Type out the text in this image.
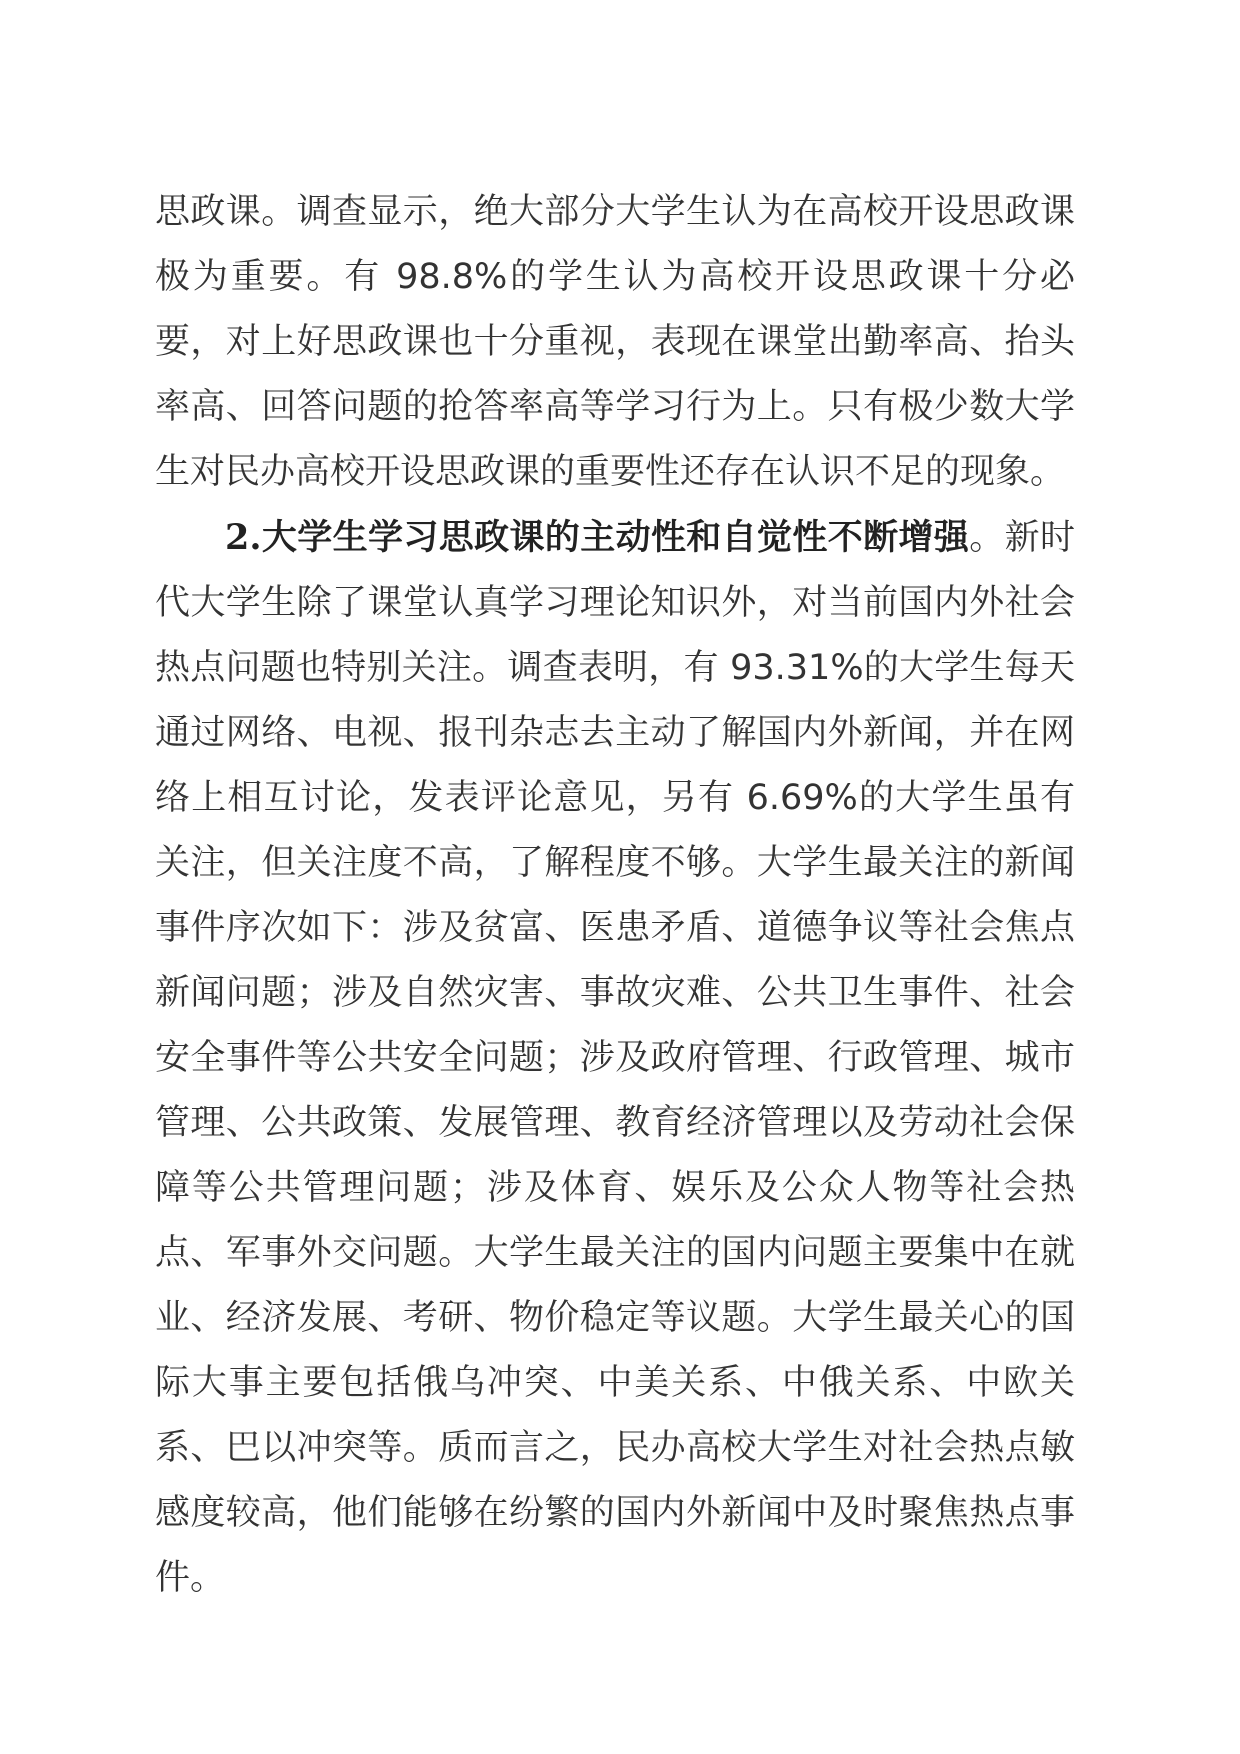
思政课。调查显示，绝大部分大学生认为在高校开设思政课极为重要。有 98.8%的学生认为高校开设思政课十分必要，对上好思政课也十分重视，表现在课堂出勤率高、抬头率高、回答问题的抢答率高等学习行为上。只有极少数大学生对民办高校开设思政课的重要性还存在认识不足的现象。

2.大学生学习思政课的主动性和自觉性不断增强。新时代大学生除了课堂认真学习理论知识外，对当前国内外社会热点问题也特别关注。调查表明，有 93.31%的大学生每天通过网络、电视、报刊杂志去主动了解国内外新闻，并在网络上相互讨论，发表评论意见，另有 6.69%的大学生虽有关注，但关注度不高，了解程度不够。大学生最关注的新闻事件序次如下：涉及贫富、医患矛盾、道德争议等社会焦点新闻问题；涉及自然灾害、事故灾难、公共卫生事件、社会安全事件等公共安全问题；涉及政府管理、行政管理、城市管理、公共政策、发展管理、教育经济管理以及劳动社会保障等公共管理问题；涉及体育、娱乐及公众人物等社会热点、军事外交问题。大学生最关注的国内问题主要集中在就业、经济发展、考研、物价稳定等议题。大学生最关心的国际大事主要包括俄乌冲突、中美关系、中俄关系、中欧关系、巴以冲突等。质而言之，民办高校大学生对社会热点敏感度较高，他们能够在纷繁的国内外新闻中及时聚焦热点事件。
